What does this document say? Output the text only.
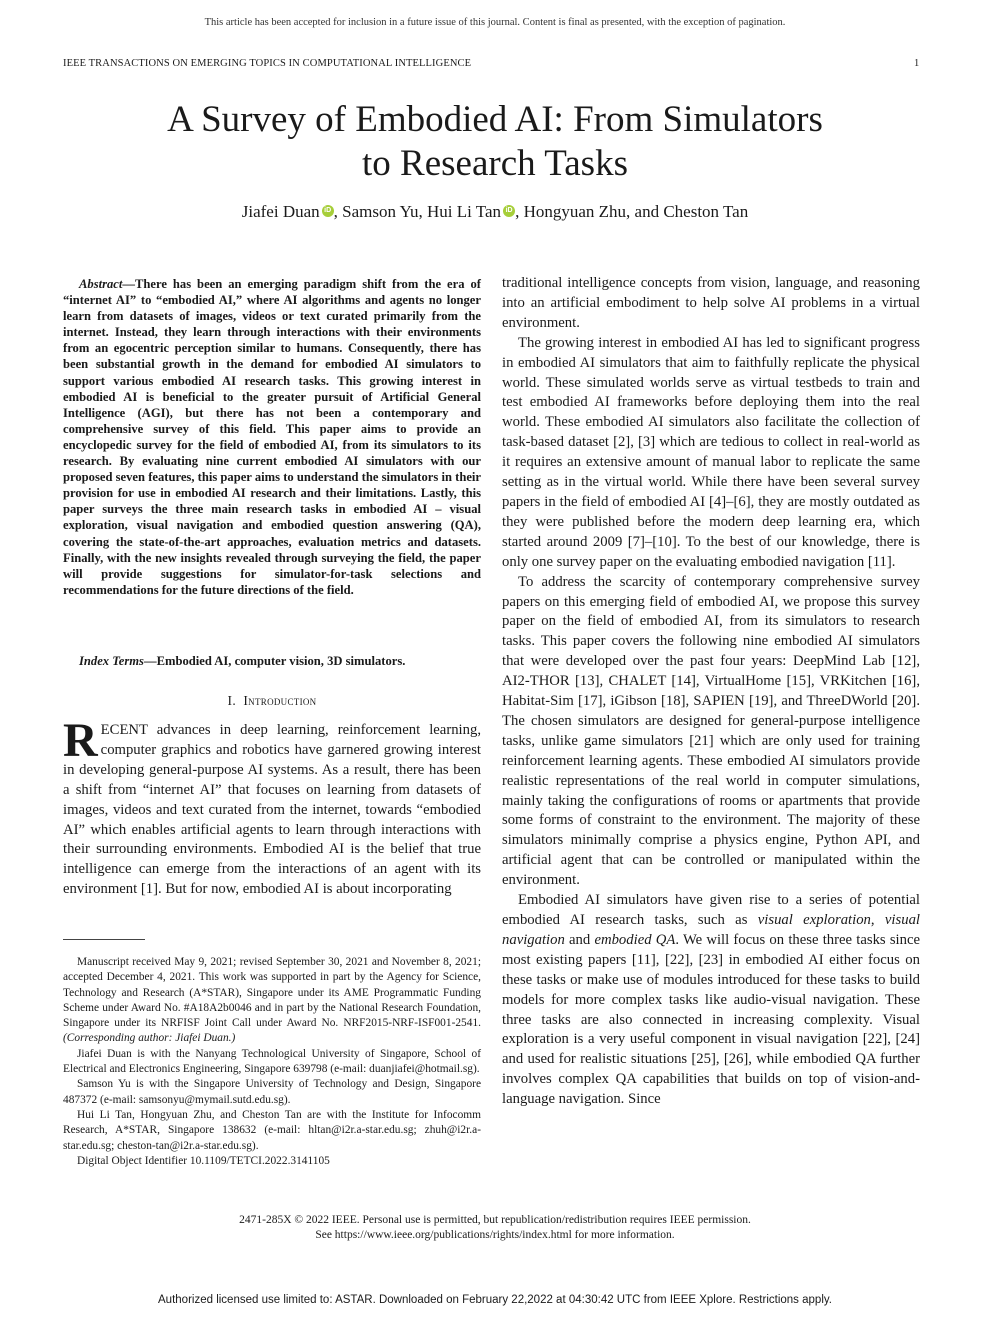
This article has been accepted for inclusion in a future issue of this journal. Content is final as presented, with the exception of pagination.
IEEE TRANSACTIONS ON EMERGING TOPICS IN COMPUTATIONAL INTELLIGENCE	1
A Survey of Embodied AI: From Simulators
to Research Tasks
Jiafei Duan iD , Samson Yu, Hui Li Tan iD , Hongyuan Zhu, and Cheston Tan

Abstract—There has been an emerging paradigm shift from the era of “internet AI” to “embodied AI,” where AI algorithms and agents no longer learn from datasets of images, videos or text curated primarily from the internet. Instead, they learn through interactions with their environments from an egocentric perception similar to humans. Consequently, there has been substantial growth in the demand for embodied AI simulators to support various embodied AI research tasks. This growing interest in embodied AI is beneficial to the greater pursuit of Artificial General Intelligence (AGI), but there has not been a contemporary and comprehensive survey of this field. This paper aims to provide an encyclopedic survey for the field of embodied AI, from its simulators to its research. By evaluating nine current embodied AI simulators with our proposed seven features, this paper aims to understand the simulators in their provision for use in embodied AI research and their limitations. Lastly, this paper surveys the three main research tasks in embodied AI – visual exploration, visual navigation and embodied question answering (QA), covering the state-of-the-art approaches, evaluation metrics and datasets. Finally, with the new insights revealed through surveying the field, the paper will provide suggestions for simulator-for-task selections and recommendations for the future directions of the field.

Index Terms—Embodied AI, computer vision, 3D simulators.

I. Introduction

RECENT advances in deep learning, reinforcement learning, computer graphics and robotics have garnered growing interest in developing general-purpose AI systems. As a result, there has been a shift from “internet AI” that focuses on learning from datasets of images, videos and text curated from the internet, towards “embodied AI” which enables artificial agents to learn through interactions with their surrounding environments. Embodied AI is the belief that true intelligence can emerge from the interactions of an agent with its environment [1]. But for now, embodied AI is about incorporating

Manuscript received May 9, 2021; revised September 30, 2021 and November 8, 2021; accepted December 4, 2021. This work was supported in part by the Agency for Science, Technology and Research (A*STAR), Singapore under its AME Programmatic Funding Scheme under Award No. #A18A2b0046 and in part by the National Research Foundation, Singapore under its NRFISF Joint Call under Award No. NRF2015-NRF-ISF001-2541. (Corresponding author: Jiafei Duan.)

Jiafei Duan is with the Nanyang Technological University of Singapore, School of Electrical and Electronics Engineering, Singapore 639798 (e-mail: duanjiafei@hotmail.sg).

Samson Yu is with the Singapore University of Technology and Design, Singapore 487372 (e-mail: samsonyu@mymail.sutd.edu.sg).

Hui Li Tan, Hongyuan Zhu, and Cheston Tan are with the Institute for Infocomm Research, A*STAR, Singapore 138632 (e-mail: hltan@i2r.a-star.edu.sg; zhuh@i2r.a-star.edu.sg; cheston-tan@i2r.a-star.edu.sg).

Digital Object Identifier 10.1109/TETCI.2022.3141105

traditional intelligence concepts from vision, language, and reasoning into an artificial embodiment to help solve AI problems in a virtual environment.

The growing interest in embodied AI has led to significant progress in embodied AI simulators that aim to faithfully replicate the physical world. These simulated worlds serve as virtual testbeds to train and test embodied AI frameworks before deploying them into the real world. These embodied AI simulators also facilitate the collection of task-based dataset [2], [3] which are tedious to collect in real-world as it requires an extensive amount of manual labor to replicate the same setting as in the virtual world. While there have been several survey papers in the field of embodied AI [4]–[6], they are mostly outdated as they were published before the modern deep learning era, which started around 2009 [7]–[10]. To the best of our knowledge, there is only one survey paper on the evaluating embodied navigation [11].

To address the scarcity of contemporary comprehensive survey papers on this emerging field of embodied AI, we propose this survey paper on the field of embodied AI, from its simulators to research tasks. This paper covers the following nine embodied AI simulators that were developed over the past four years: DeepMind Lab [12], AI2-THOR [13], CHALET [14], VirtualHome [15], VRKitchen [16], Habitat-Sim [17], iGibson [18], SAPIEN [19], and ThreeDWorld [20]. The chosen simulators are designed for general-purpose intelligence tasks, unlike game simulators [21] which are only used for training reinforcement learning agents. These embodied AI simulators provide realistic representations of the real world in computer simulations, mainly taking the configurations of rooms or apartments that provide some forms of constraint to the environment. The majority of these simulators minimally comprise a physics engine, Python API, and artificial agent that can be controlled or manipulated within the environment.

Embodied AI simulators have given rise to a series of potential embodied AI research tasks, such as visual exploration, visual navigation and embodied QA. We will focus on these three tasks since most existing papers [11], [22], [23] in embodied AI either focus on these tasks or make use of modules introduced for these tasks to build models for more complex tasks like audio-visual navigation. These three tasks are also connected in increasing complexity. Visual exploration is a very useful component in visual navigation [22], [24] and used for realistic situations [25], [26], while embodied QA further involves complex QA capabilities that builds on top of vision-and-language navigation. Since

2471-285X © 2022 IEEE. Personal use is permitted, but republication/redistribution requires IEEE permission.
See https://www.ieee.org/publications/rights/index.html for more information.
Authorized licensed use limited to: ASTAR. Downloaded on February 22,2022 at 04:30:42 UTC from IEEE Xplore. Restrictions apply.
